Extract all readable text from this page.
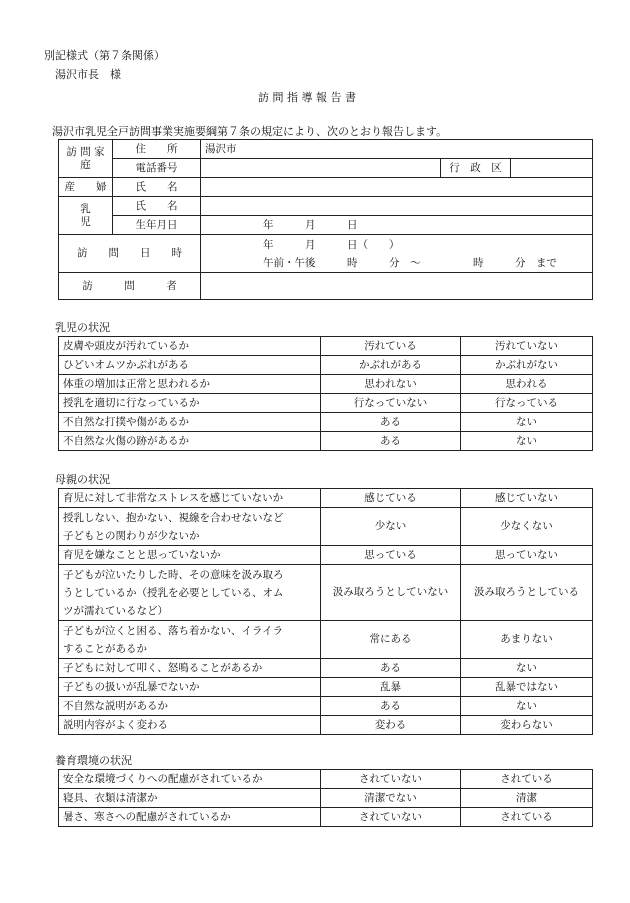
別記様式（第７条関係）
湯沢市長　様
訪 問 指 導 報 告 書
湯沢市乳児全戸訪問事業実施要綱第７条の規定により、次のとおり報告します。
訪 問 家 庭	住　　所	湯沢市		
	電話番号		行　政　区	
産　　婦	氏　　名			
乳　　　児	氏　　名			
	生年月日	年　　　月　　　日		
訪　　問　　日　　時		年　　　月　　　日（　　）
午前・午後　　　時　　　分　～　　　　　時　　　分　まで		

訪　　　問　　　者				
乳児の状況
皮膚や頭皮が汚れているか	汚れている	汚れていない
ひどいオムツかぶれがある	かぶれがある	かぶれがない
体重の増加は正常と思われるか	思われない	思われる
授乳を適切に行なっているか	行なっていない	行なっている
不自然な打撲や傷があるか	ある	ない
不自然な火傷の跡があるか	ある	ない
母親の状況
育児に対して非常なストレスを感じていないか	感じている	感じていない
授乳しない、抱かない、視線を合わせないなど
子どもとの関わりが少ないか	少ない	少なくない
育児を嫌なことと思っていないか	思っている	思っていない
子どもが泣いたりした時、その意味を汲み取ろ
うとしているか（授乳を必要としている、オム
ツが濡れているなど）	汲み取ろうとしていない	汲み取ろうとしている
子どもが泣くと困る、落ち着かない、イライラ
することがあるか	常にある	あまりない
子どもに対して叩く、怒鳴ることがあるか	ある	ない
子どもの扱いが乱暴でないか	乱暴	乱暴ではない
不自然な説明があるか	ある	ない
説明内容がよく変わる	変わる	変わらない
養育環境の状況
安全な環境づくりへの配慮がされているか	されていない	されている
寝具、衣類は清潔か	清潔でない	清潔
暑さ、寒さへの配慮がされているか	されていない	されている
